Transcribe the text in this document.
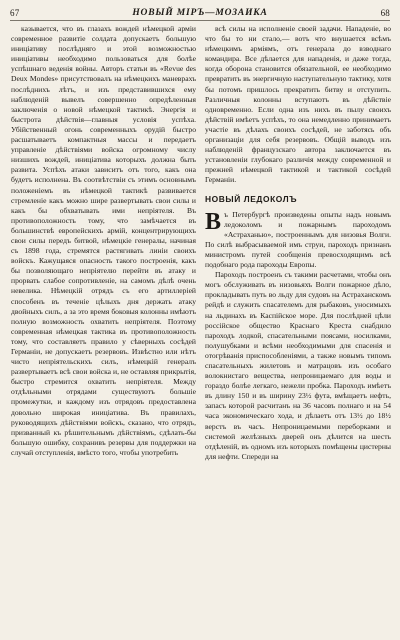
67	НОВЫЙ МІРЪ—МОЗАИКА	68

казывается, что въ глазахъ вождей нѣмецкой арміи современное развитіе солдата допускаетъ большую иниціативу послѣдняго и этой возможностью иниціативы необходимо пользоваться для болѣе успѣшнаго веденія войны. Авторъ статьи въ «Revue des Deux Mondes» присутствовалъ на нѣмецкихъ маневрахъ послѣднихъ лѣтъ, и изъ представившихся ему наблюденій вывелъ совершенно опредѣленныя заключенія о новой нѣмецкой тактикѣ. Энергія и быстрота дѣйствія—главныя условія успѣха. Убійственный огонь современныхъ орудій быстро расшатываетъ компактныя массы и передаетъ управленіе дѣйствіями войска огромному числу низшихъ вождей, иниціатива которыхъ должна быть развита. Успѣхъ атаки зависитъ отъ того, какъ она будетъ исполнена. Въ соотвѣтствіи съ этимъ основнымъ положеніемъ въ нѣмецкой тактикѣ развивается стремленіе какъ можно шире развертывать свои силы и какъ бы обхватывать ими непріятеля. Въ противоположность тому, что замѣчается въ большинствѣ европейскихъ армій, концентрирующихъ свои силы передъ битвой, нѣмецкіе генералы, начиная съ 1898 года, стремятся растягивать линіи своихъ войскъ. Кажущаяся опасность такого построенія, какъ бы позволяющаго непріятелю перейти въ атаку и прорвать слабое сопротивленіе, на самомъ дѣлѣ очень невелика. Нѣмецкій отрядъ съ его артиллеріей способенъ въ теченіе цѣлыхъ дня держать атаку двойныхъ силъ, а за это время боковыя колонны имѣютъ полную возможность охватить непріятеля. Поэтому современная нѣмецкая тактика въ противоположность тому, что составляетъ правило у сѣверныхъ сосѣдей Германіи, не допускаетъ резервовъ. Извѣстно или нѣтъ чисто непріятельскихъ силъ, нѣмецкій генералъ развертываетъ всѣ свои войска и, не оставляя прикрытія, быстро стремится охватить непріятеля. Между отдѣльными отрядами существуютъ большіе промежутки, и каждому изъ отрядовъ предоставлена довольно широкая иниціатива. Въ правилахъ, руководящихъ дѣйствіями войскъ, сказано, что отрядъ, призванный къ рѣшительнымъ дѣйствіямъ, сдѣлать-бы большую ошибку, сохранивъ резервы для поддержки на случай отступленія, вмѣсто того, чтобы употребить

всѣ силы на исполненіе своей задачи. Нападеніе, во что бы то ни стало,— вотъ что внушается всѣмъ нѣмецкимъ арміямъ, отъ генерала до взводнаго командира. Все дѣлается для нападенія, и даже тогда, когда оборона становится обязательной, ее необходимо превратить въ энергичную наступательную тактику, хотя бы потомъ пришлось прекратить битву и отступить. Различныя колонны вступаютъ въ дѣйствіе одновременно. Если одна изъ нихъ въ пылу своихъ дѣйствій имѣетъ успѣхъ, то она немедленно принимаетъ участіе въ дѣлахъ своихъ сосѣдей, не заботясь объ организаціи для себя резервовъ. Общій выводъ изъ наблюденій французскаго автора заключается въ установленіи глубокаго различія между современной и прежней нѣмецкой тактикой и тактикой сосѣдей Германіи.

НОВЫЙ ЛЕДОКОЛЪ
В ъ Петербургѣ произведены опыты надъ новымъ ледоколомъ и пожарнымъ пароходомъ «Астраханью», построеннымъ для низовья Волги. По силѣ выбрасываемой имъ струи, пароходъ признанъ министромъ путей сообщенія превосходящимъ всѣ подобнаго рода пароходы Европы.

Пароходъ построенъ съ такими расчетами, чтобы онъ могъ обслуживать въ низовьяхъ Волги пожарное дѣло, прокладывать путь во льду для судовъ на Астраханскомъ рейдѣ и служить спасателемъ для рыбаковъ, уносимыхъ на льдинахъ въ Каспійское море. Для послѣдней цѣли россійское общество Краснаго Креста снабдило пароходъ лодкой, спасательными поясами, носилками, полушубками и всѣми необходимыми для спасенія и отогрѣванія приспособленіями, а также новымъ типомъ спасательныхъ жилетовъ и матрацовъ изъ особаго волокнистаго вещества, непроницаемаго для воды и гораздо болѣе легкаго, нежели пробка. Пароходъ имѣетъ въ длину 150 и въ ширину 23½ фута, вмѣщаетъ нефть, запасъ которой расчитанъ на 36 часовъ полнаго и на 54 часа экономическаго хода, и дѣлаетъ отъ 13½ до 18½ верстъ въ часъ. Непроницаемыми переборками и системой желѣзныхъ дверей онъ дѣлится на шесть отдѣленій, въ одномъ изъ которыхъ помѣщены цистерны для нефти. Спереди на
